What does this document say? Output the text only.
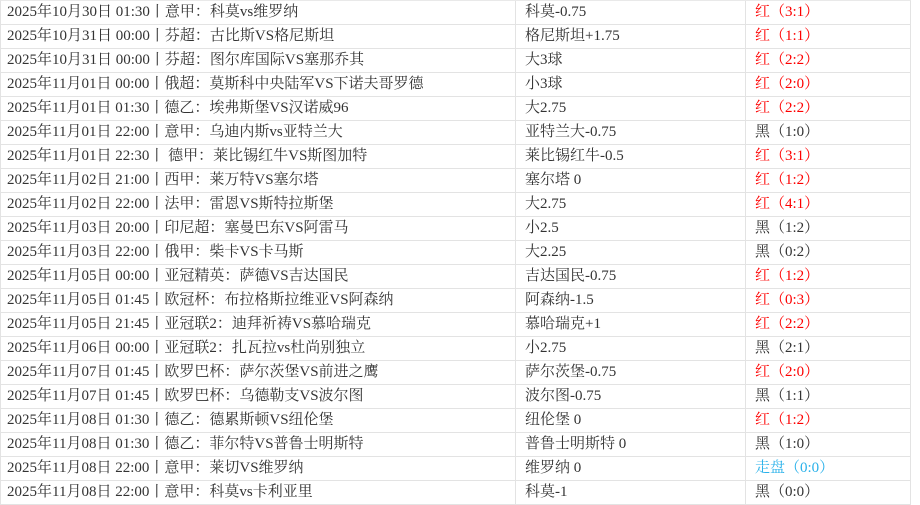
2025年10月30日 01:30丨意甲：科莫vs维罗纳	科莫-0.75	红（3:1）
2025年10月31日 00:00丨芬超：古比斯VS格尼斯坦	格尼斯坦+1.75	红（1:1）
2025年10月31日 00:00丨芬超：图尔库国际VS塞那乔其	大3球	红（2:2）
2025年11月01日 00:00丨俄超：莫斯科中央陆军VS下诺夫哥罗德	小3球	红（2:0）
2025年11月01日 01:30丨德乙：埃弗斯堡VS汉诺威96	大2.75	红（2:2）
2025年11月01日 22:00丨意甲：乌迪内斯vs亚特兰大	亚特兰大-0.75	黑（1:0）
2025年11月01日 22:30丨 德甲：莱比锡红牛VS斯图加特	莱比锡红牛-0.5	红（3:1）
2025年11月02日 21:00丨西甲：莱万特VS塞尔塔	塞尔塔 0	红（1:2）
2025年11月02日 22:00丨法甲：雷恩VS斯特拉斯堡	大2.75	红（4:1）
2025年11月03日 20:00丨印尼超：塞曼巴东VS阿雷马	小2.5	黑（1:2）
2025年11月03日 22:00丨俄甲：柴卡VS卡马斯	大2.25	黑（0:2）
2025年11月05日 00:00丨亚冠精英：萨德VS吉达国民	吉达国民-0.75	红（1:2）
2025年11月05日 01:45丨欧冠杯：布拉格斯拉维亚VS阿森纳	阿森纳-1.5	红（0:3）
2025年11月05日 21:45丨亚冠联2：迪拜祈祷VS慕哈瑞克	慕哈瑞克+1	红（2:2）
2025年11月06日 00:00丨亚冠联2：扎瓦拉vs杜尚别独立	小2.75	黑（2:1）
2025年11月07日 01:45丨欧罗巴杯：萨尔茨堡VS前进之鹰	萨尔茨堡-0.75	红（2:0）
2025年11月07日 01:45丨欧罗巴杯：乌德勒支VS波尔图	波尔图-0.75	黑（1:1）
2025年11月08日 01:30丨德乙：德累斯顿VS纽伦堡	纽伦堡 0	红（1:2）
2025年11月08日 01:30丨德乙：菲尔特VS普鲁士明斯特	普鲁士明斯特 0	黑（1:0）
2025年11月08日 22:00丨意甲：莱切VS维罗纳	维罗纳 0	走盘（0:0）
2025年11月08日 22:00丨意甲：科莫vs卡利亚里	科莫-1	黑（0:0）
